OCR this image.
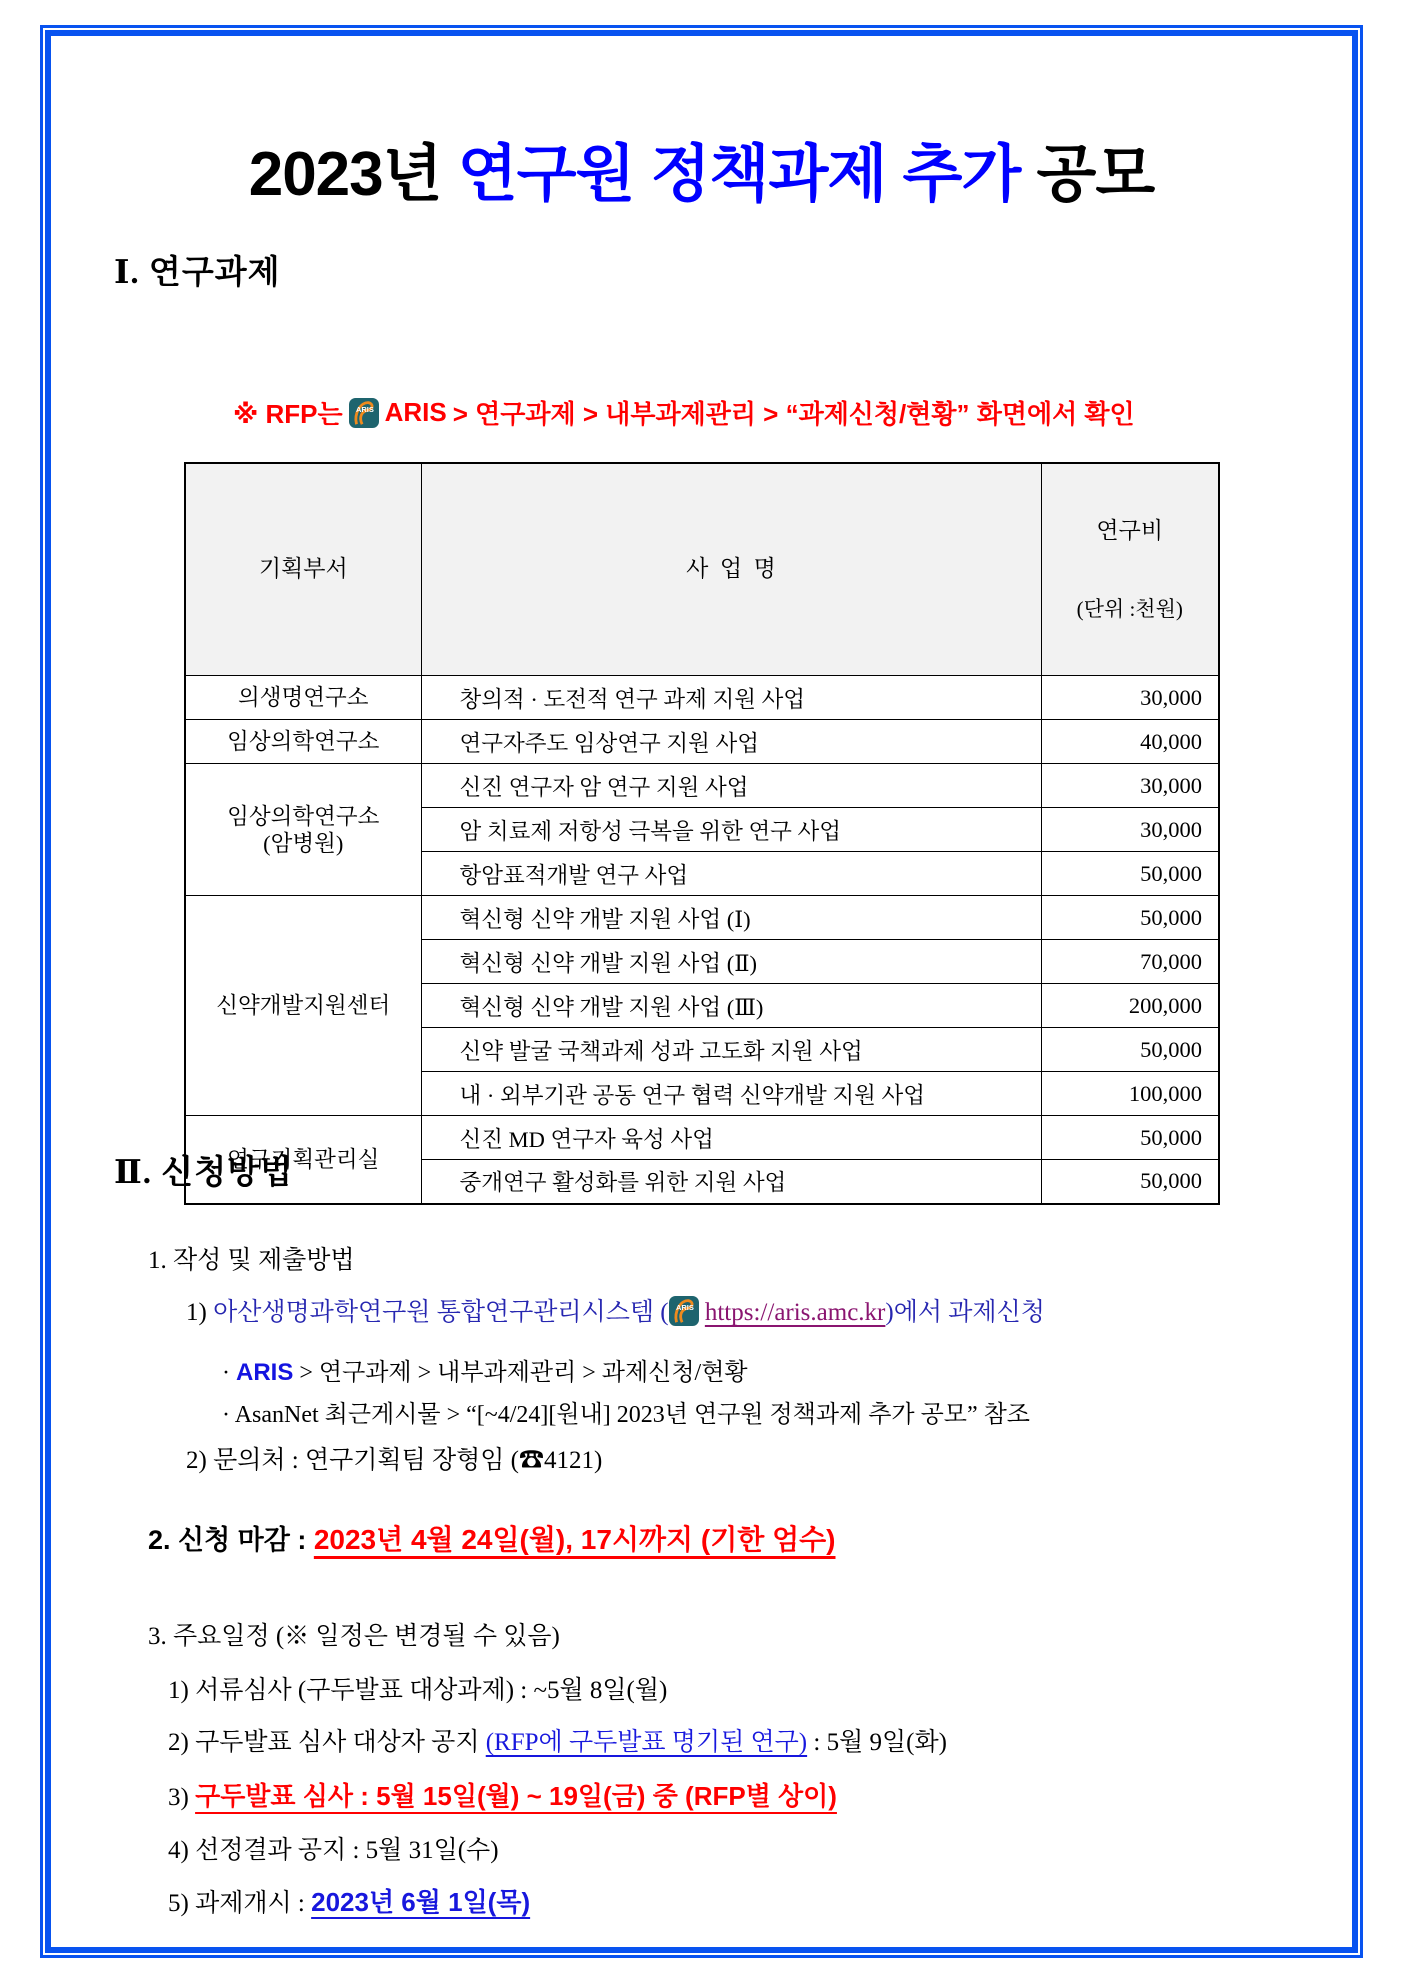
2023년 연구원 정책과제 추가 공모
Ⅰ. 연구과제
※ RFP는 ARIS ARIS > 연구과제 > 내부과제관리 > “과제신청/현황” 화면에서 확인
기획부서	사  업  명	연구비

(단위 :천원)

의생명연구소	창의적 · 도전적 연구 과제 지원 사업	30,000
임상의학연구소	연구자주도 임상연구 지원 사업	40,000

임상의학연구소
(암병원)	신진 연구자 암 연구 지원 사업	30,000
	암 치료제 저항성 극복을 위한 연구 사업	30,000
	항암표적개발 연구 사업	50,000
신약개발지원센터	혁신형 신약 개발 지원 사업 (Ⅰ)	50,000
	혁신형 신약 개발 지원 사업 (Ⅱ)	70,000
	혁신형 신약 개발 지원 사업 (Ⅲ)	200,000
	신약 발굴 국책과제 성과 고도화 지원 사업	50,000
	내 · 외부기관 공동 연구 협력 신약개발 지원 사업	100,000
연구기획관리실	신진 MD 연구자 육성 사업	50,000
	중개연구 활성화를 위한 지원 사업	50,000
Ⅱ. 신청방법
1. 작성 및 제출방법
1) 아산생명과학연구원 통합연구관리시스템 ( ARIS https://aris.amc.kr)에서 과제신청
· ARIS > 연구과제 > 내부과제관리 > 과제신청/현황
· AsanNet 최근게시물 > “[~4/24][원내] 2023년 연구원 정책과제 추가 공모” 참조
2) 문의처 : 연구기획팀 장형임 (☎4121)
2. 신청 마감 : 2023년 4월 24일(월), 17시까지 (기한 엄수)
3. 주요일정 (※ 일정은 변경될 수 있음)
1) 서류심사 (구두발표 대상과제) : ~5월 8일(월)
2) 구두발표 심사 대상자 공지 (RFP에 구두발표 명기된 연구) : 5월 9일(화)
3) 구두발표 심사 : 5월 15일(월) ~ 19일(금) 중 (RFP별 상이)
4) 선정결과 공지 : 5월 31일(수)
5) 과제개시 : 2023년 6월 1일(목)
